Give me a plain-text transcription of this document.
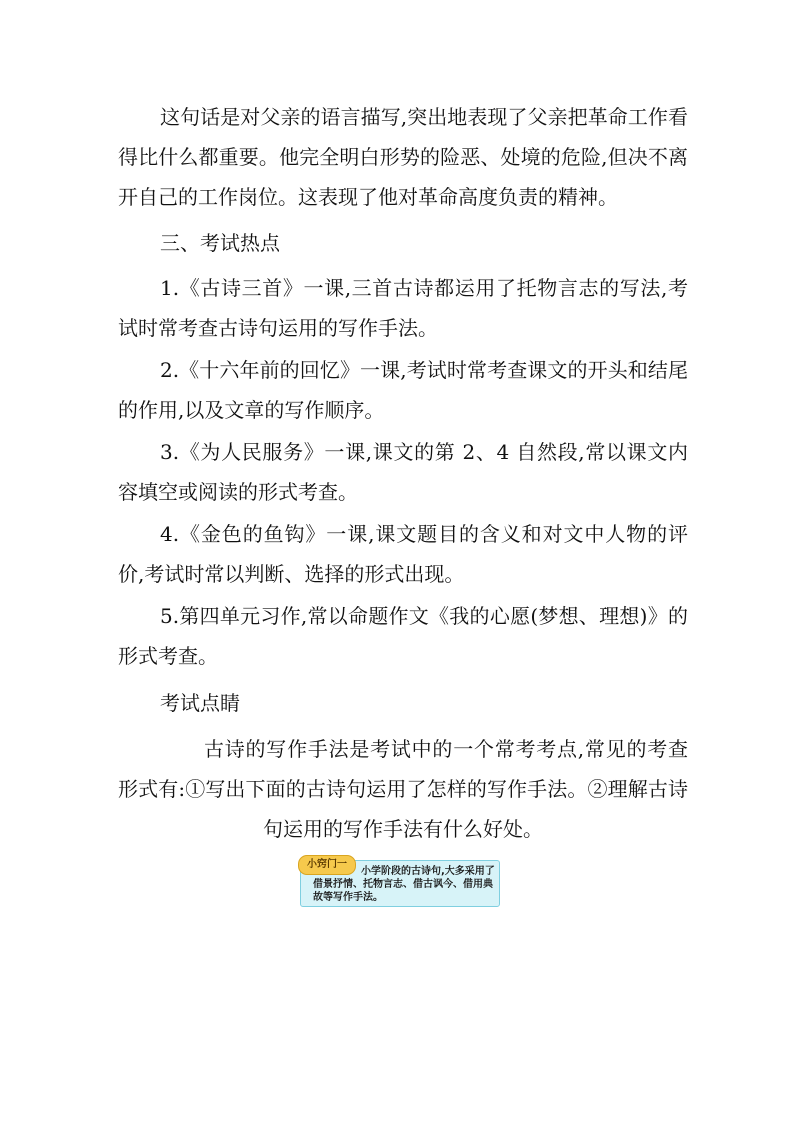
这句话是对父亲的语言描写,突出地表现了父亲把革命工作看得比什么都重要。他完全明白形势的险恶、处境的危险,但决不离开自己的工作岗位。这表现了他对革命高度负责的精神。

三、考试热点

1.《古诗三首》一课,三首古诗都运用了托物言志的写法,考试时常考查古诗句运用的写作手法。

2.《十六年前的回忆》一课,考试时常考查课文的开头和结尾的作用,以及文章的写作顺序。

3.《为人民服务》一课,课文的第 2、4 自然段,常以课文内容填空或阅读的形式考查。

4.《金色的鱼钩》一课,课文题目的含义和对文中人物的评价,考试时常以判断、选择的形式出现。

5.第四单元习作,常以命题作文《我的心愿(梦想、理想)》的形式考查。

考试点睛

古诗的写作手法是考试中的一个常考考点,常见的考查形式有:①写出下面的古诗句运用了怎样的写作手法。②理解古诗句运用的写作手法有什么好处。

小窍门一
小学阶段的古诗句,大多采用了借景抒情、托物言志、借古讽今、借用典故等写作手法。
